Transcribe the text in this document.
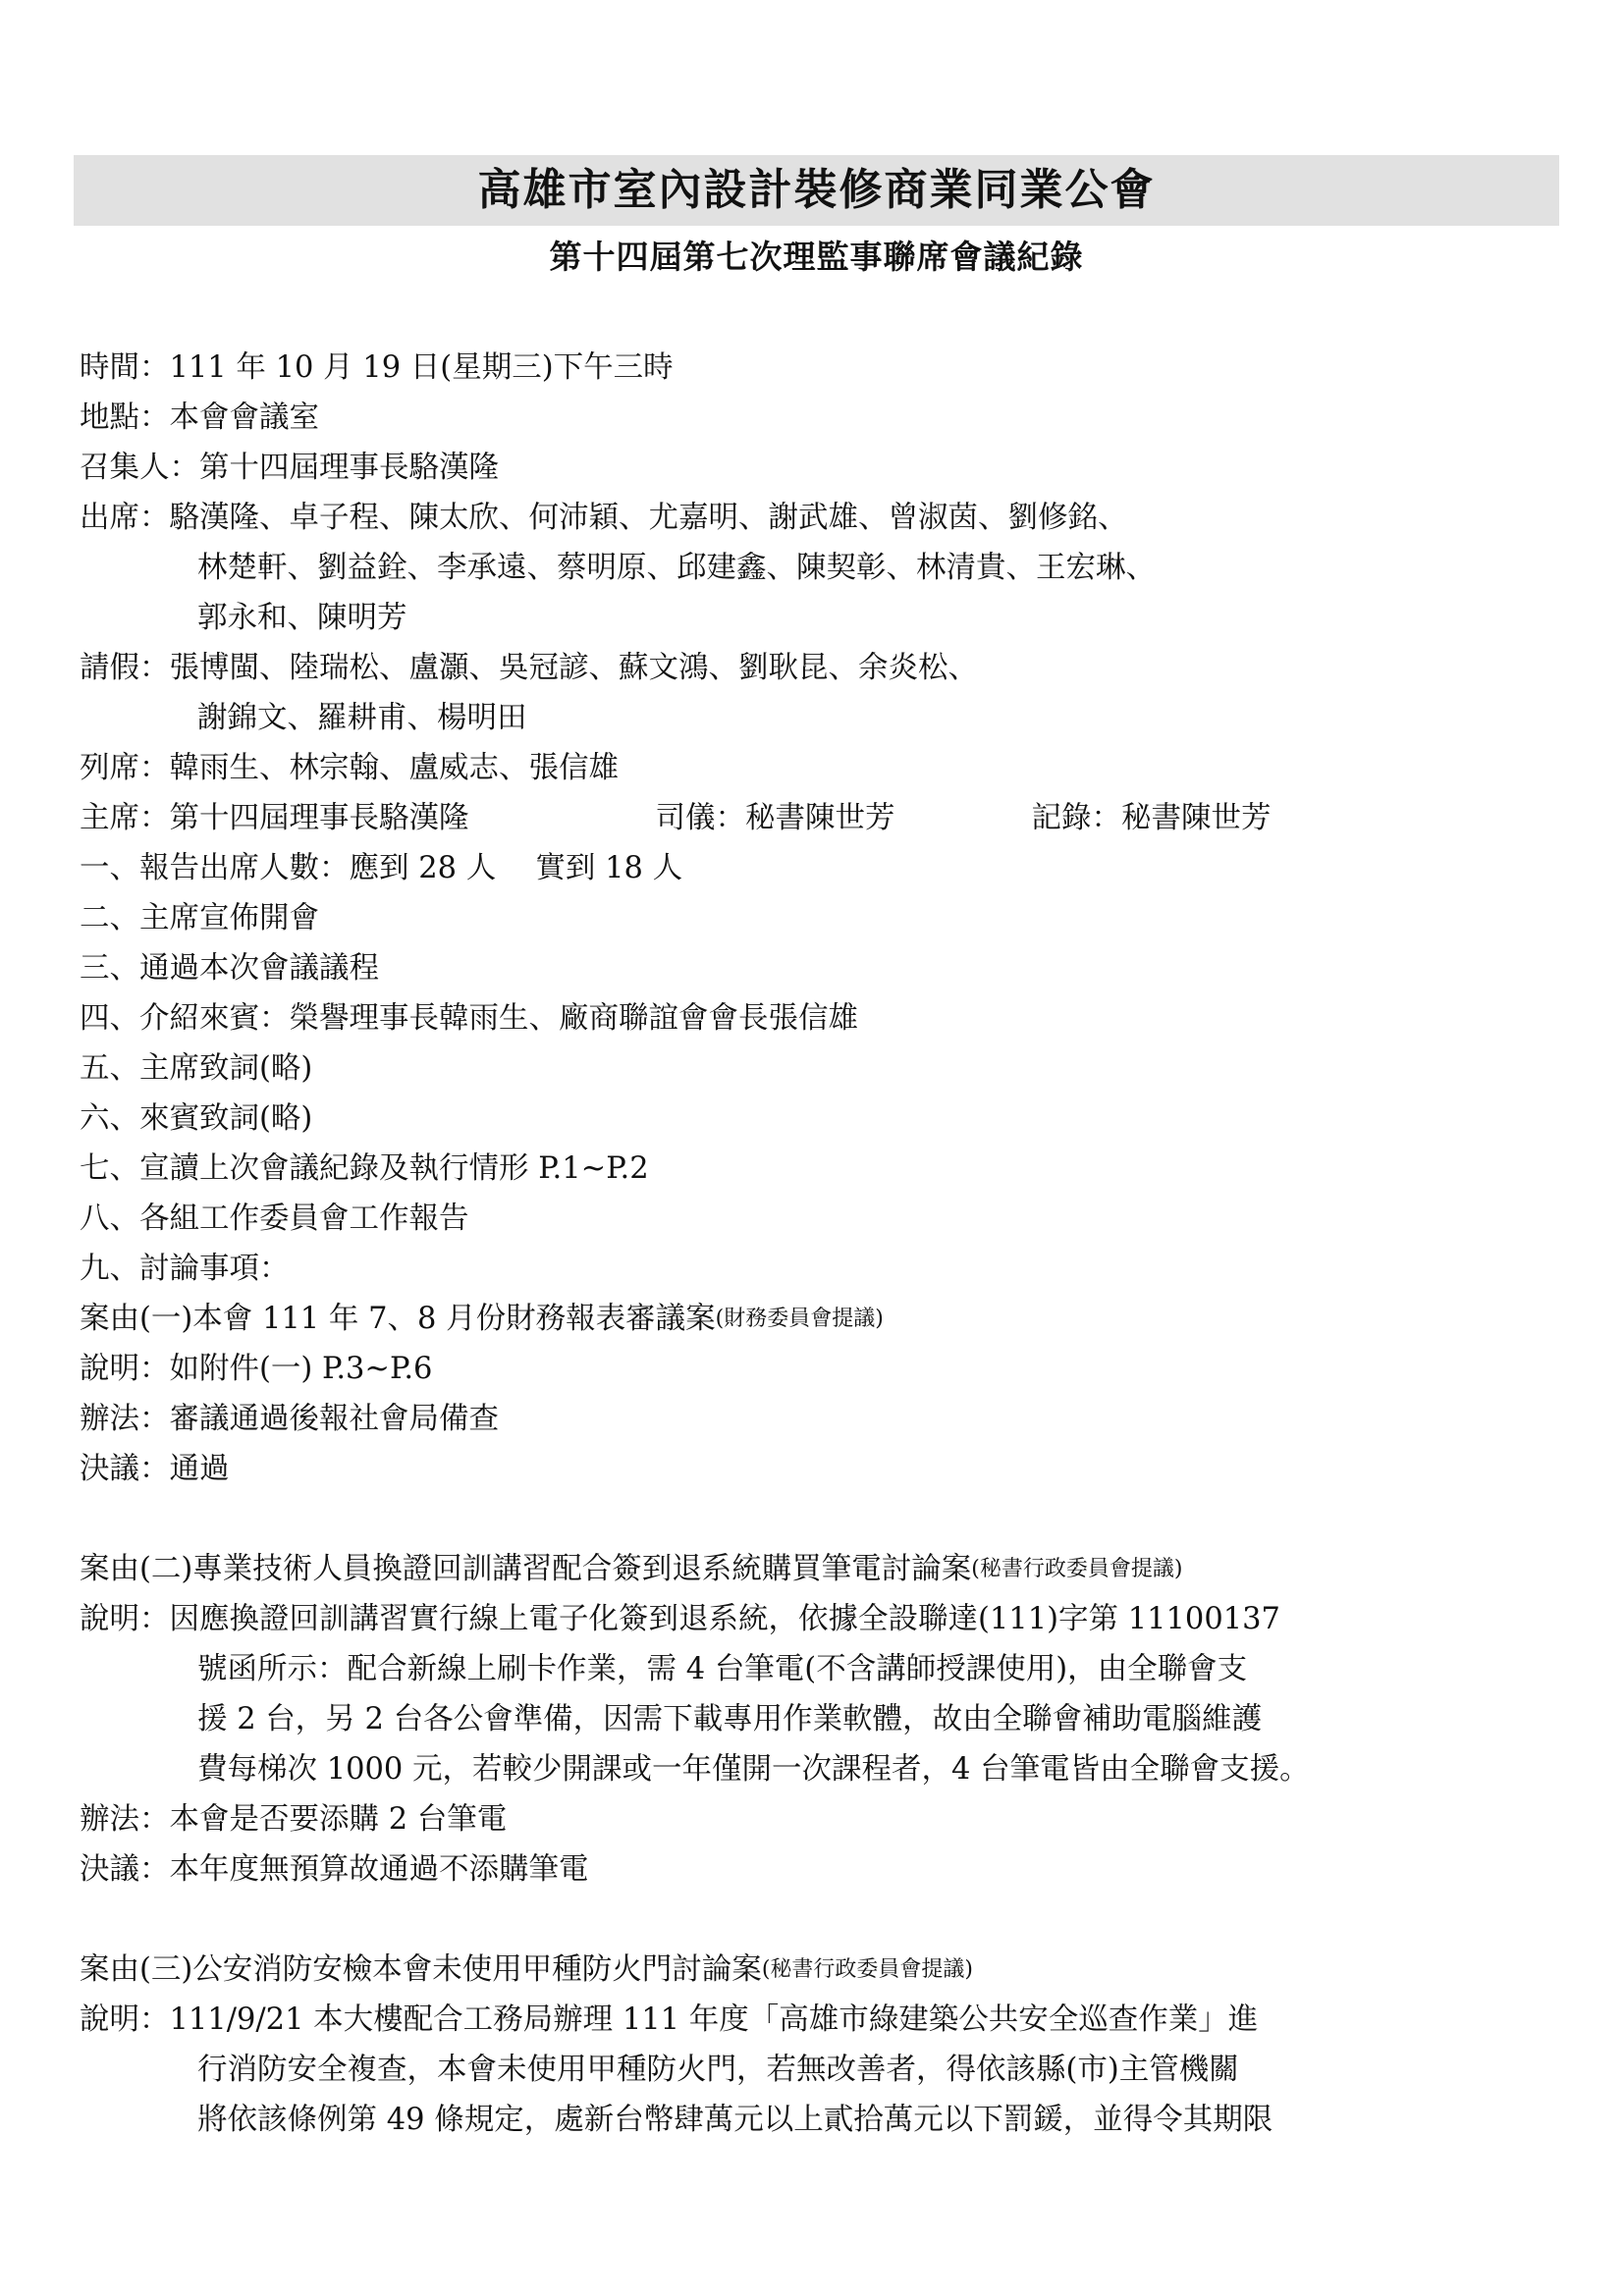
高雄市室內設計裝修商業同業公會
第十四屆第七次理監事聯席會議紀錄
時間： 111 年 10 月 19 日(星期三)下午三時
地點： 本會會議室
召集人： 第十四屆理事長駱漢隆
出席： 駱漢隆、卓子程、陳太欣、何沛穎、尤嘉明、謝武雄、曾淑茵、劉修銘、
林楚軒、劉益銓、李承遠、蔡明原、邱建鑫、陳契彰、林清貴、王宏琳、
郭永和、陳明芳
請假： 張博閩、陸瑞松、盧灝、吳冠諺、蘇文鴻、劉耿昆、余炎松、
謝錦文、羅耕甫、楊明田
列席： 韓雨生、林宗翰、盧威志、張信雄
主席： 第十四屆理事長駱漢隆	司儀：秘書陳世芳	記錄：秘書陳世芳
一、報告出席人數：應到 28 人　 實到 18 人
二、主席宣佈開會
三、通過本次會議議程
四、介紹來賓：榮譽理事長韓雨生、廠商聯誼會會長張信雄
五、主席致詞(略)
六、來賓致詞(略)
七、宣讀上次會議紀錄及執行情形 P.1~P.2
八、各組工作委員會工作報告
九、討論事項：
案由(一)本會 111 年 7、8 月份財務報表審議案 (財務委員會提議)
說明： 如附件(一) P.3~P.6
辦法： 審議通過後報社會局備查
決議： 通過
案由(二)專業技術人員換證回訓講習配合簽到退系統購買筆電討論案 (秘書行政委員會提議)
說明： 因應換證回訓講習實行線上電子化簽到退系統，依據全設聯達(111)字第 11100137
號函所示：配合新線上刷卡作業，需 4 台筆電(不含講師授課使用)，由全聯會支
援 2 台，另 2 台各公會準備，因需下載專用作業軟體，故由全聯會補助電腦維護
費每梯次 1000 元，若較少開課或一年僅開一次課程者，4 台筆電皆由全聯會支援。
辦法： 本會是否要添購 2 台筆電
決議： 本年度無預算故通過不添購筆電
案由(三)公安消防安檢本會未使用甲種防火門討論案 (秘書行政委員會提議)
說明： 111/9/21 本大樓配合工務局辦理 111 年度「高雄市綠建築公共安全巡查作業」進
行消防安全複查，本會未使用甲種防火門，若無改善者，得依該縣(市)主管機關
將依該條例第 49 條規定，處新台幣肆萬元以上貳拾萬元以下罰鍰，並得令其期限
